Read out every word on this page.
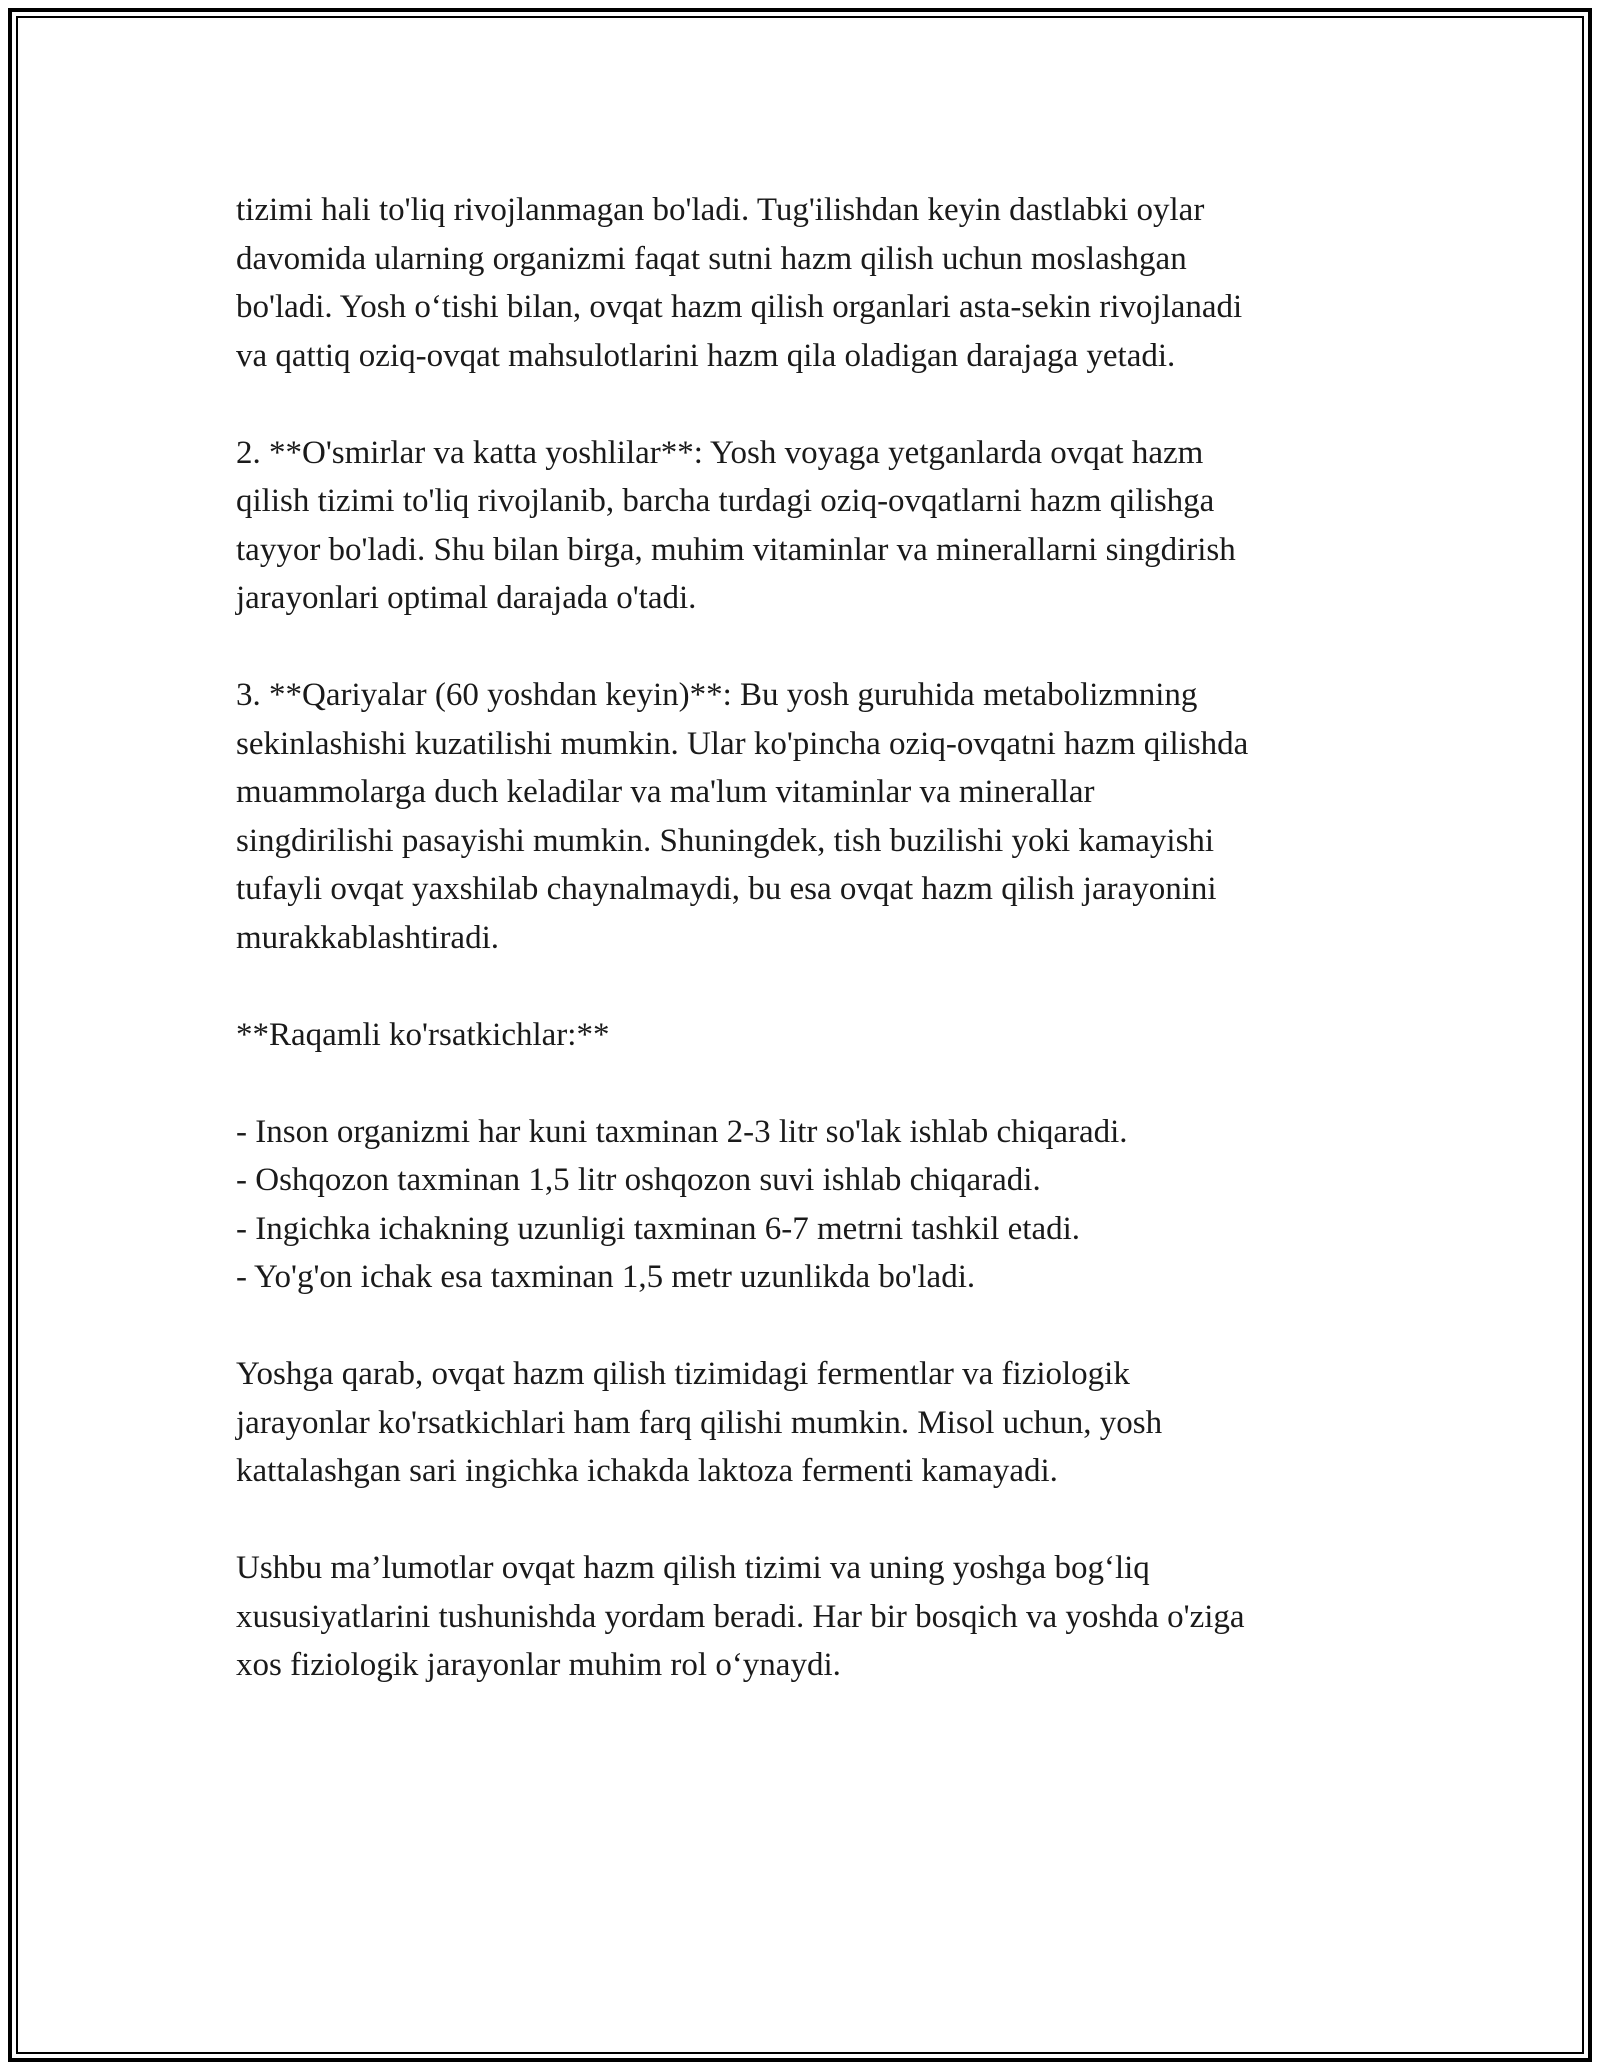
tizimi hali to'liq rivojlanmagan bo'ladi. Tug'ilishdan keyin dastlabki oylar
davomida ularning organizmi faqat sutni hazm qilish uchun moslashgan
bo'ladi. Yosh o‘tishi bilan, ovqat hazm qilish organlari asta-sekin rivojlanadi
va qattiq oziq-ovqat mahsulotlarini hazm qila oladigan darajaga yetadi.

2. **O'smirlar va katta yoshlilar**: Yosh voyaga yetganlarda ovqat hazm
qilish tizimi to'liq rivojlanib, barcha turdagi oziq-ovqatlarni hazm qilishga
tayyor bo'ladi. Shu bilan birga, muhim vitaminlar va minerallarni singdirish
jarayonlari optimal darajada o'tadi.

3. **Qariyalar (60 yoshdan keyin)**: Bu yosh guruhida metabolizmning
sekinlashishi kuzatilishi mumkin. Ular ko'pincha oziq-ovqatni hazm qilishda
muammolarga duch keladilar va ma'lum vitaminlar va minerallar
singdirilishi pasayishi mumkin. Shuningdek, tish buzilishi yoki kamayishi
tufayli ovqat yaxshilab chaynalmaydi, bu esa ovqat hazm qilish jarayonini
murakkablashtiradi.

**Raqamli ko'rsatkichlar:**

- Inson organizmi har kuni taxminan 2-3 litr so'lak ishlab chiqaradi.
- Oshqozon taxminan 1,5 litr oshqozon suvi ishlab chiqaradi.
- Ingichka ichakning uzunligi taxminan 6-7 metrni tashkil etadi.
- Yo'g'on ichak esa taxminan 1,5 metr uzunlikda bo'ladi.

Yoshga qarab, ovqat hazm qilish tizimidagi fermentlar va fiziologik
jarayonlar ko'rsatkichlari ham farq qilishi mumkin. Misol uchun, yosh
kattalashgan sari ingichka ichakda laktoza fermenti kamayadi.

Ushbu ma’lumotlar ovqat hazm qilish tizimi va uning yoshga bog‘liq
xususiyatlarini tushunishda yordam beradi. Har bir bosqich va yoshda o'ziga
xos fiziologik jarayonlar muhim rol o‘ynaydi.
